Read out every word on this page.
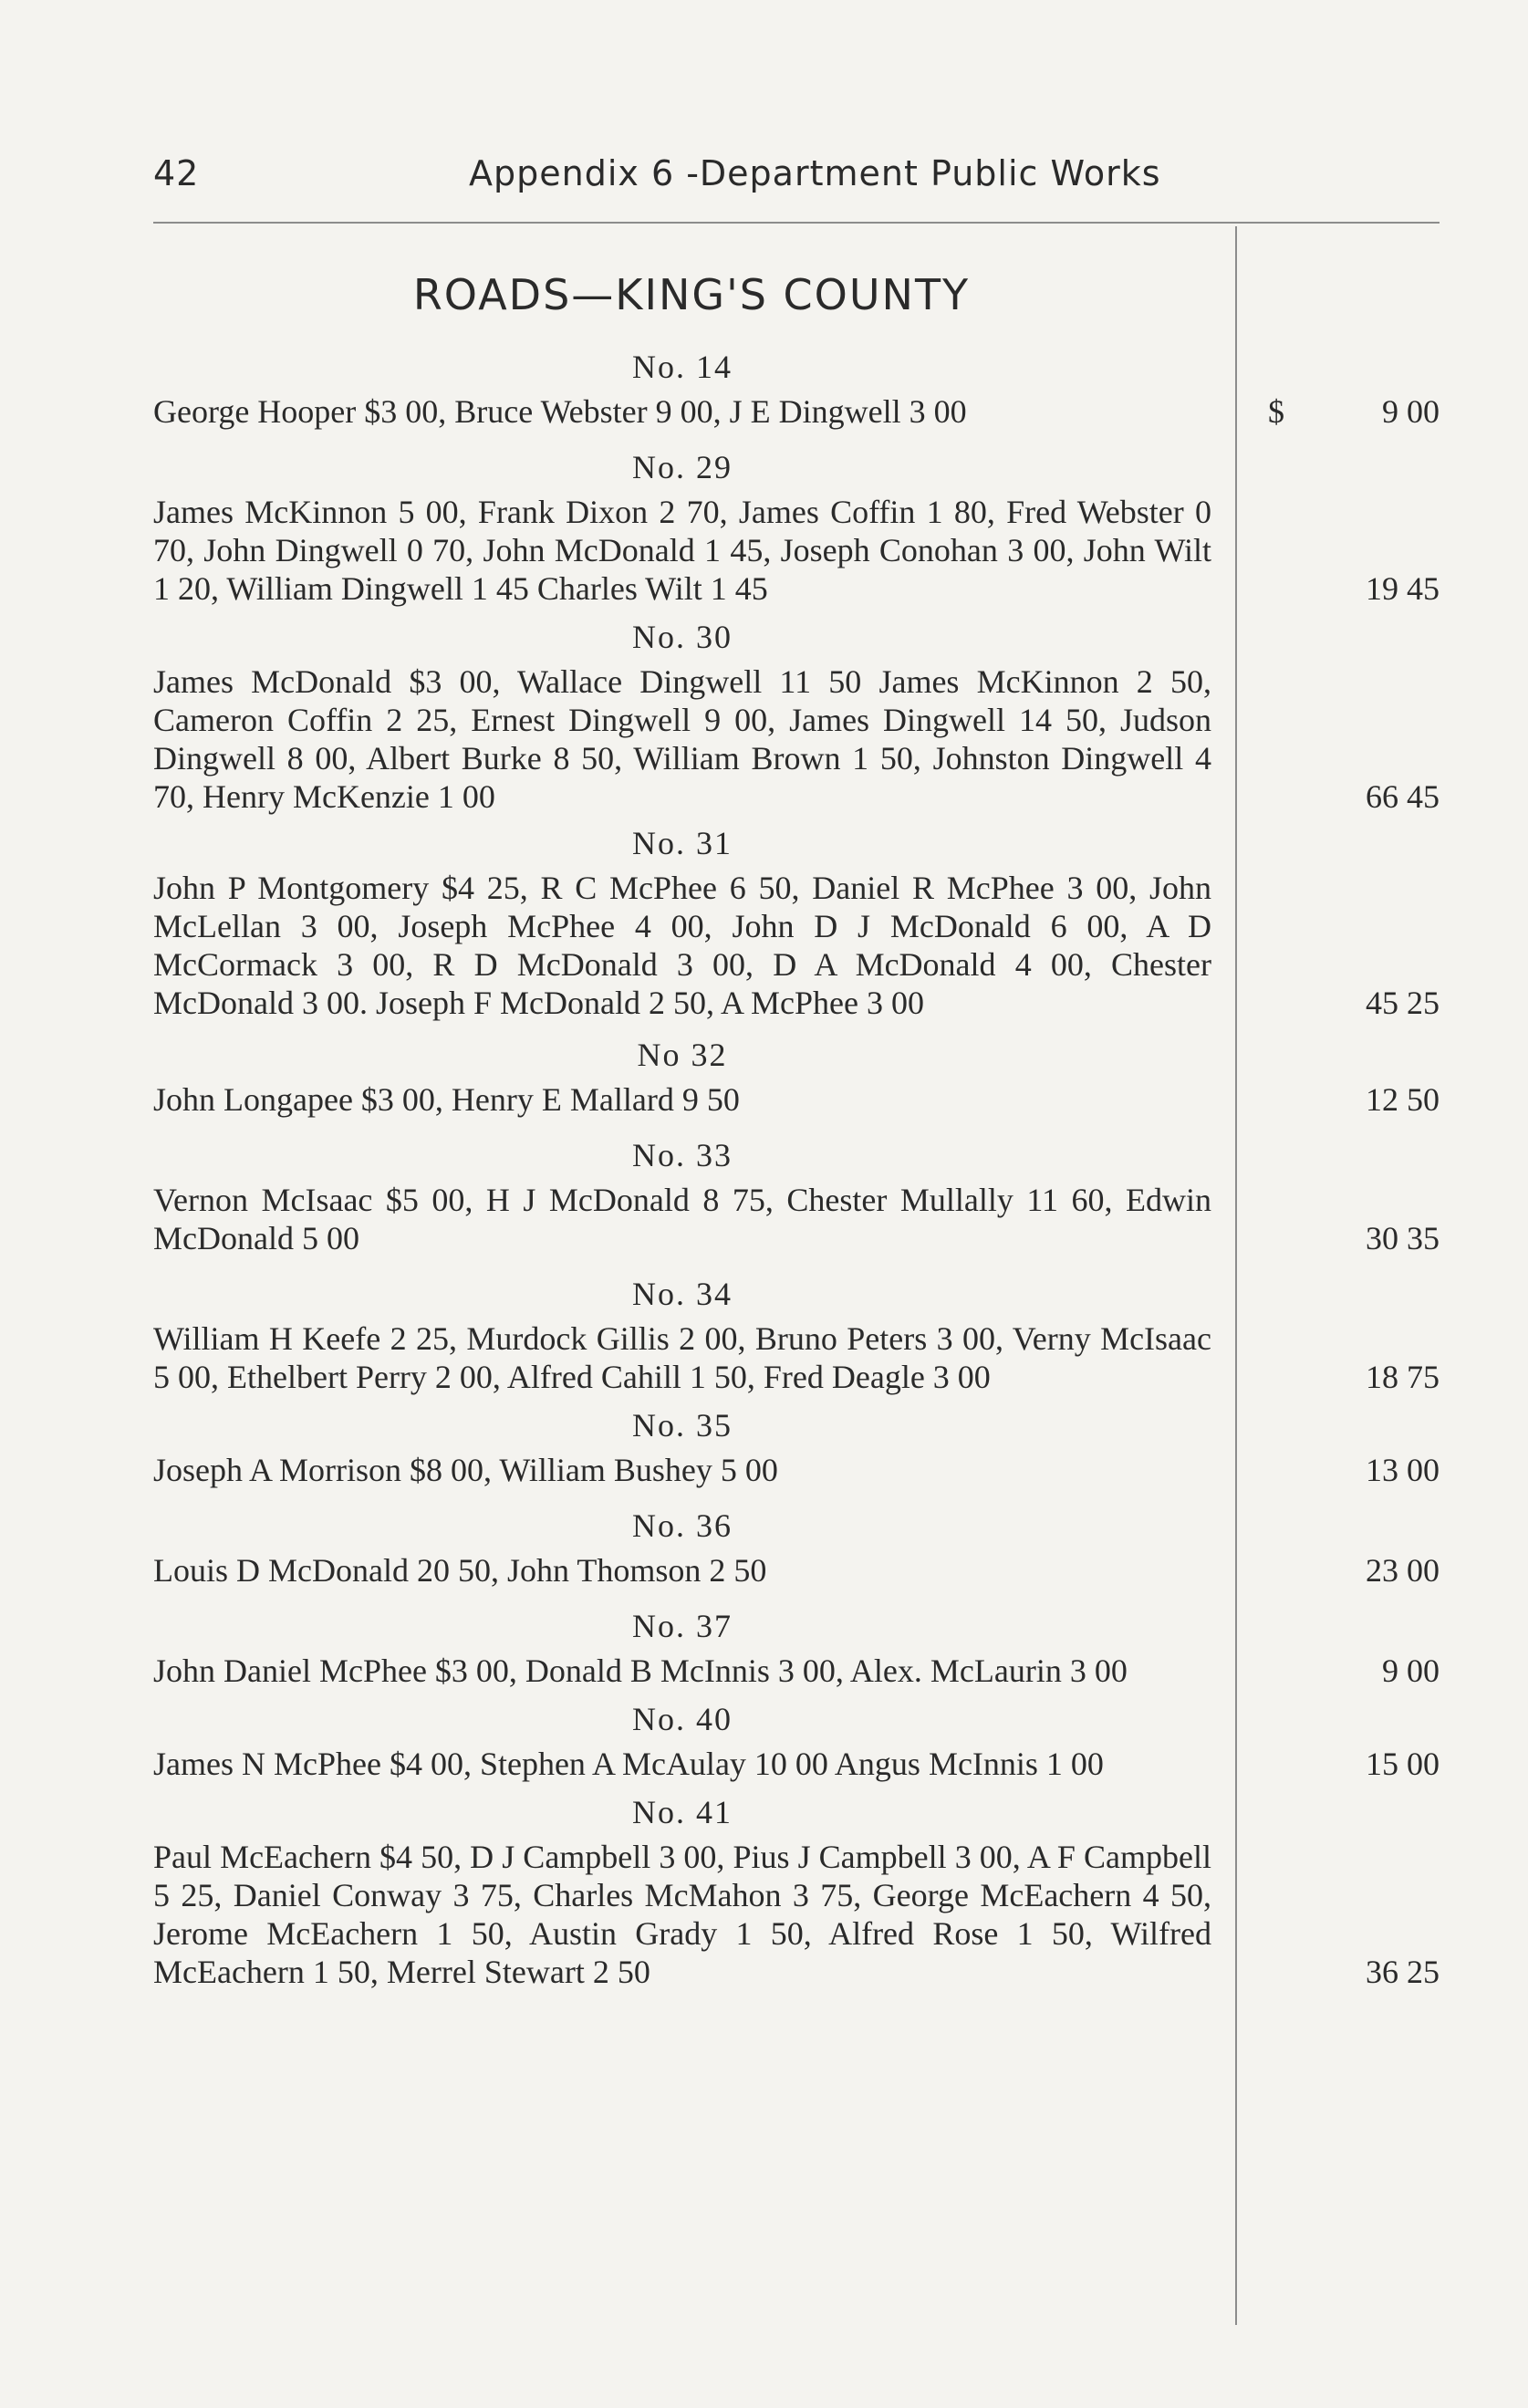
42	Appendix 6 -Department Public Works
ROADS—KING'S COUNTY
No. 14
George Hooper $3 00, Bruce Webster 9 00, J E Dingwell 3 00	$	9 00
No. 29
James McKinnon 5 00, Frank Dixon 2 70, James Coffin 1 80, Fred Webster 0 70, John Dingwell 0 70, John McDonald 1 45, Joseph Conohan 3 00, John Wilt 1 20, William Dingwell 1 45 Charles Wilt 1 45	19 45
No. 30
James McDonald $3 00, Wallace Dingwell 11 50 James McKinnon 2 50, Cameron Coffin 2 25, Ernest Dingwell 9 00, James Dingwell 14 50, Judson Dingwell 8 00, Albert Burke 8 50, William Brown 1 50, Johnston Dingwell 4 70, Henry McKenzie 1 00	66 45
No. 31
John P Montgomery $4 25, R C McPhee 6 50, Daniel R McPhee 3 00, John McLellan 3 00, Joseph McPhee 4 00, John D J McDonald 6 00, A D McCormack 3 00, R D McDonald 3 00, D A McDonald 4 00, Chester McDonald 3 00. Joseph F McDonald 2 50, A McPhee 3 00	45 25
No 32
John Longapee $3 00, Henry E Mallard 9 50	12 50
No. 33
Vernon McIsaac $5 00, H J McDonald 8 75, Chester Mullally 11 60, Edwin McDonald 5 00	30 35
No. 34
William H Keefe 2 25, Murdock Gillis 2 00, Bruno Peters 3 00, Verny McIsaac 5 00, Ethelbert Perry 2 00, Alfred Cahill 1 50, Fred Deagle 3 00	18 75
No. 35
Joseph A Morrison $8 00, William Bushey 5 00	13 00
No. 36
Louis D McDonald 20 50, John Thomson 2 50	23 00
No. 37
John Daniel McPhee $3 00, Donald B McInnis 3 00, Alex. McLaurin 3 00	9 00
No. 40
James N McPhee $4 00, Stephen A McAulay 10 00 Angus McInnis 1 00	15 00
No. 41
Paul McEachern $4 50, D J Campbell 3 00, Pius J Campbell 3 00, A F Campbell 5 25, Daniel Conway 3 75, Charles McMahon 3 75, George McEachern 4 50, Jerome McEachern 1 50, Austin Grady 1 50, Alfred Rose 1 50, Wilfred McEachern 1 50, Merrel Stewart 2 50	36 25
